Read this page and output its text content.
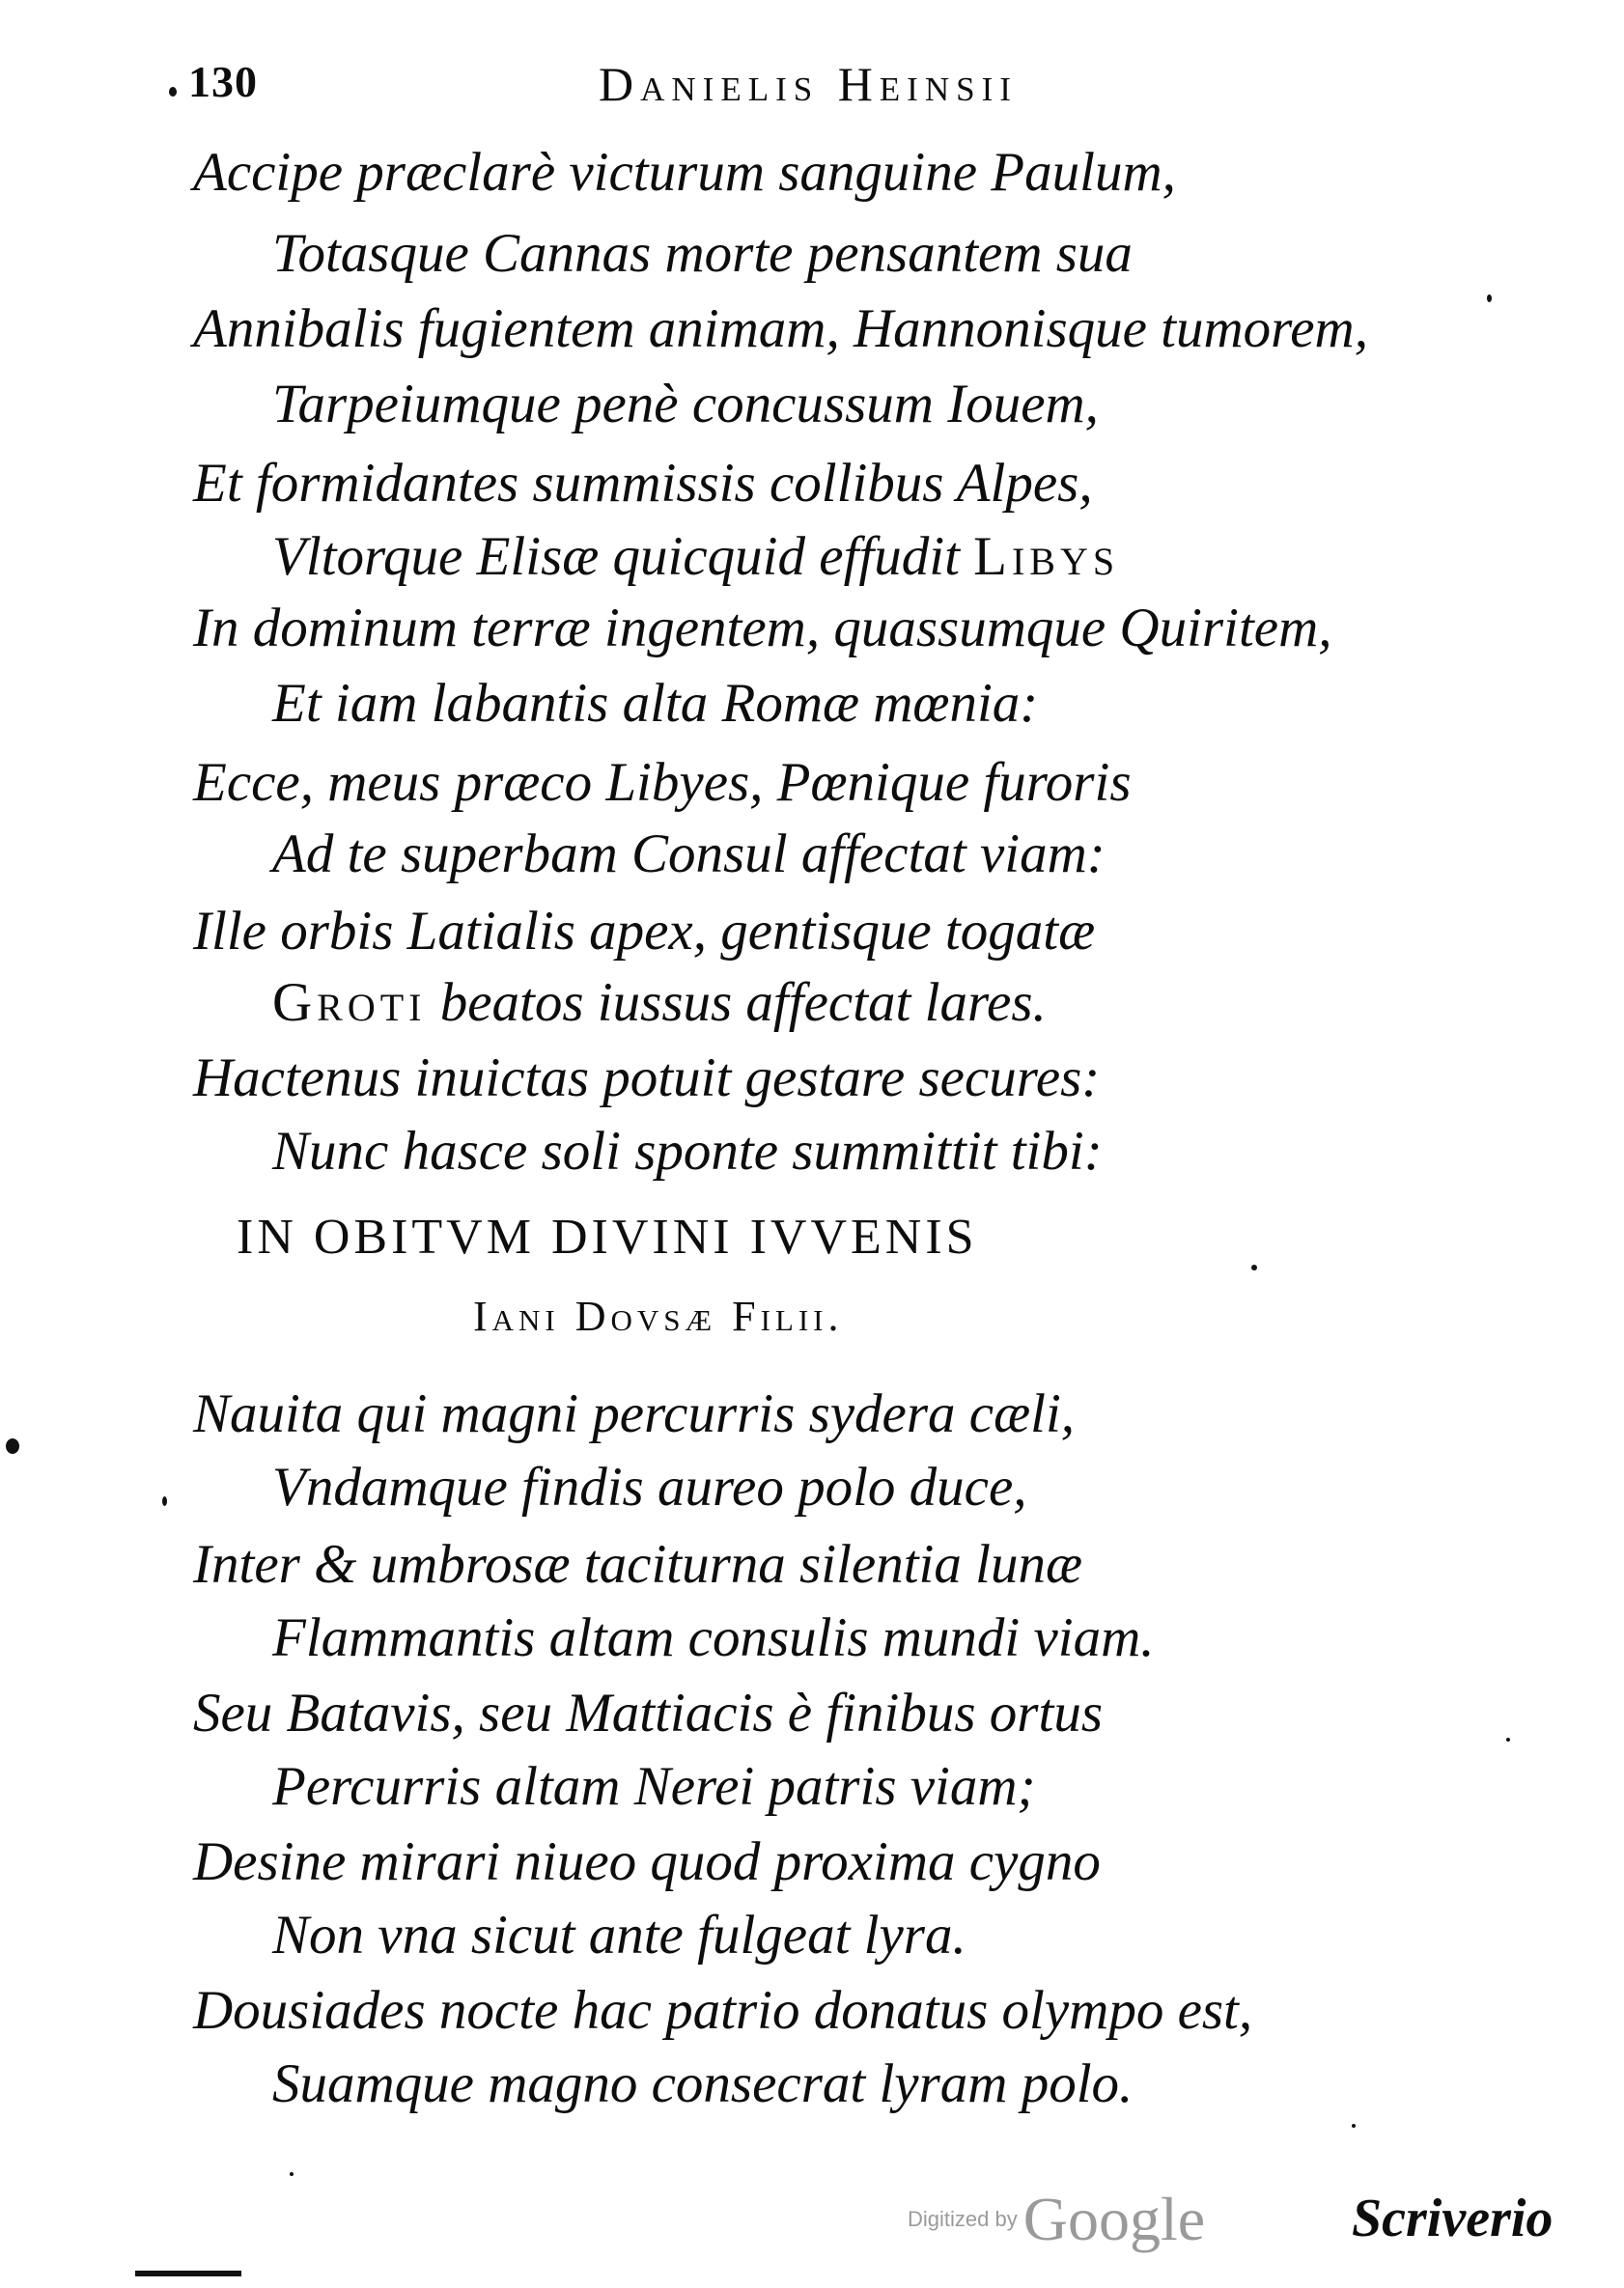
130	Danielis Heinsii
Accipe præclarè victurum sanguine Paulum,
Totasque Cannas morte pensantem sua
Annibalis fugientem animam, Hannonisque tumorem,
Tarpeiumque penè concussum Iouem,
Et formidantes summissis collibus Alpes,
Vltorque Elisæ quicquid effudit Libys
In dominum terræ ingentem, quassumque Quiritem,
Et iam labantis alta Romæ mœnia:
Ecce, meus præco Libyes, Pœnique furoris
Ad te superbam Consul affectat viam:
Ille orbis Latialis apex, gentisque togatæ
Groti beatos iussus affectat lares.
Hactenus inuictas potuit gestare secures:
Nunc hasce soli sponte summittit tibi:
IN OBITVM DIVINI IVVENIS
Iani Dovsæ Filii.
Nauita qui magni percurris sydera cæli,
Vndamque findis aureo polo duce,
Inter & umbrosæ taciturna silentia lunæ
Flammantis altam consulis mundi viam.
Seu Batavis, seu Mattiacis è finibus ortus
Percurris altam Nerei patris viam;
Desine mirari niueo quod proxima cygno
Non vna sicut ante fulgeat lyra.
Dousiades nocte hac patrio donatus olympo est,
Suamque magno consecrat lyram polo.
Digitized byGoogle	Scriverio
